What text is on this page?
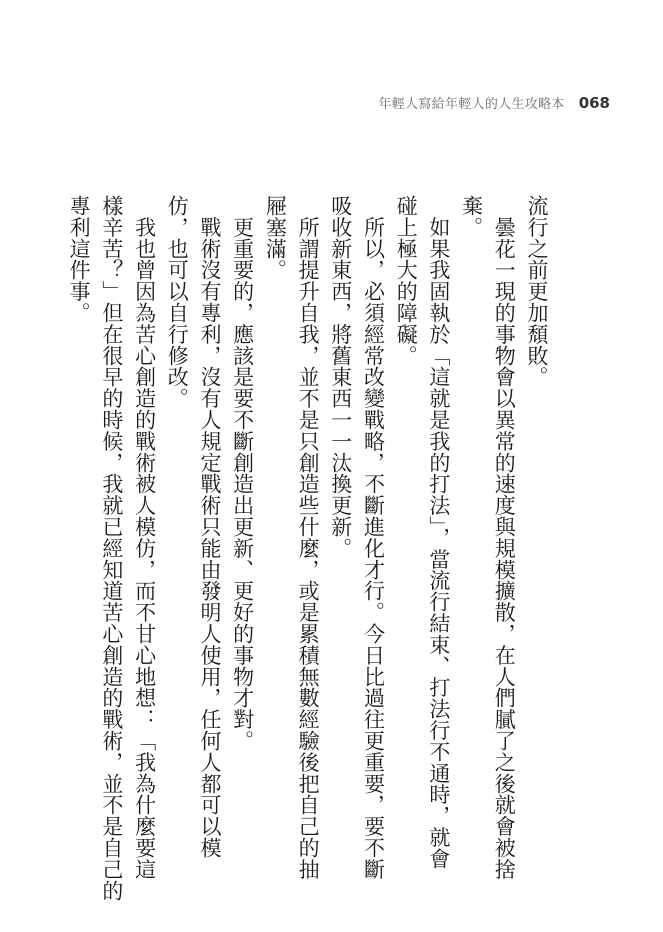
年輕人寫給年輕人的人生攻略本 068
流行之前更加頹敗。
　曇花一現的事物會以異常的速度與規模擴散，在人們膩了之後就會被捨
棄。
　如果我固執於「這就是我的打法」，當流行結束、打法行不通時，就會
碰上極大的障礙。
　所以，必須經常改變戰略，不斷進化才行。今日比過往更重要，要不斷
吸收新東西，將舊東西一一汰換更新。
　所謂提升自我，並不是只創造些什麼，或是累積無數經驗後把自己的抽
屜塞滿。
　更重要的，應該是要不斷創造出更新、更好的事物才對。
　戰術沒有專利，沒有人規定戰術只能由發明人使用，任何人都可以模
仿，也可以自行修改。
　我也曾因為苦心創造的戰術被人模仿，而不甘心地想：「我為什麼要這
樣辛苦？」但在很早的時候，我就已經知道苦心創造的戰術，並不是自己的
專利這件事。
